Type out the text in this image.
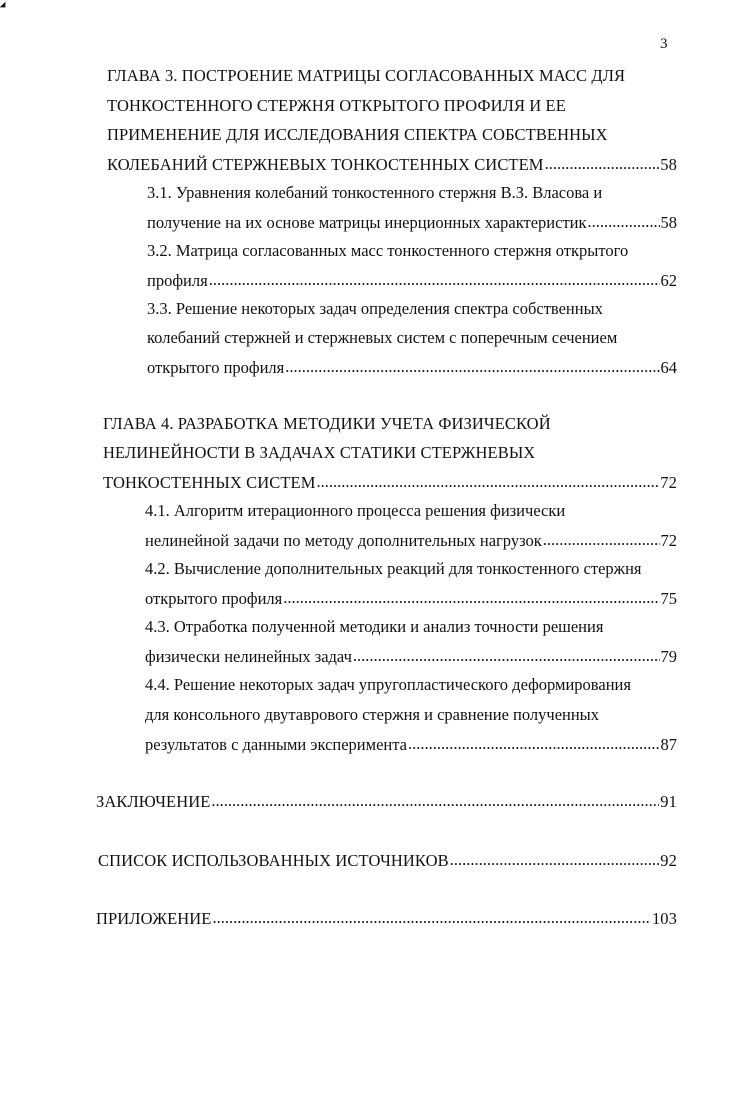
3
ГЛАВА 3. ПОСТРОЕНИЕ МАТРИЦЫ СОГЛАСОВАННЫХ МАСС ДЛЯ
ТОНКОСТЕННОГО СТЕРЖНЯ ОТКРЫТОГО ПРОФИЛЯ И ЕЕ
ПРИМЕНЕНИЕ ДЛЯ ИССЛЕДОВАНИЯ СПЕКТРА СОБСТВЕННЫХ
КОЛЕБАНИЙ СТЕРЖНЕВЫХ ТОНКОСТЕННЫХ СИСТЕМ .....	58
3.1. Уравнения колебаний тонкостенного стержня В.З. Власова и
получение на их основе матрицы инерционных характеристик .....	58
3.2. Матрица согласованных масс тонкостенного стержня открытого
профиля .....	62
3.3. Решение некоторых задач определения спектра собственных
колебаний стержней и стержневых систем с поперечным сечением
открытого профиля .....	64
ГЛАВА 4. РАЗРАБОТКА МЕТОДИКИ УЧЕТА ФИЗИЧЕСКОЙ
НЕЛИНЕЙНОСТИ В ЗАДАЧАХ СТАТИКИ СТЕРЖНЕВЫХ
ТОНКОСТЕННЫХ СИСТЕМ .....	72
4.1. Алгоритм итерационного процесса решения физически
нелинейной задачи по методу дополнительных нагрузок .....	72
4.2. Вычисление дополнительных реакций для тонкостенного стержня
открытого профиля .....	75
4.3. Отработка полученной методики и анализ точности решения
физически нелинейных задач .....	79
4.4. Решение некоторых задач упругопластического деформирования
для консольного двутаврового стержня и сравнение полученных
результатов с данными эксперимента .....	87
ЗАКЛЮЧЕНИЕ .....	91
СПИСОК ИСПОЛЬЗОВАННЫХ ИСТОЧНИКОВ .....	92
ПРИЛОЖЕНИЕ .....	103
